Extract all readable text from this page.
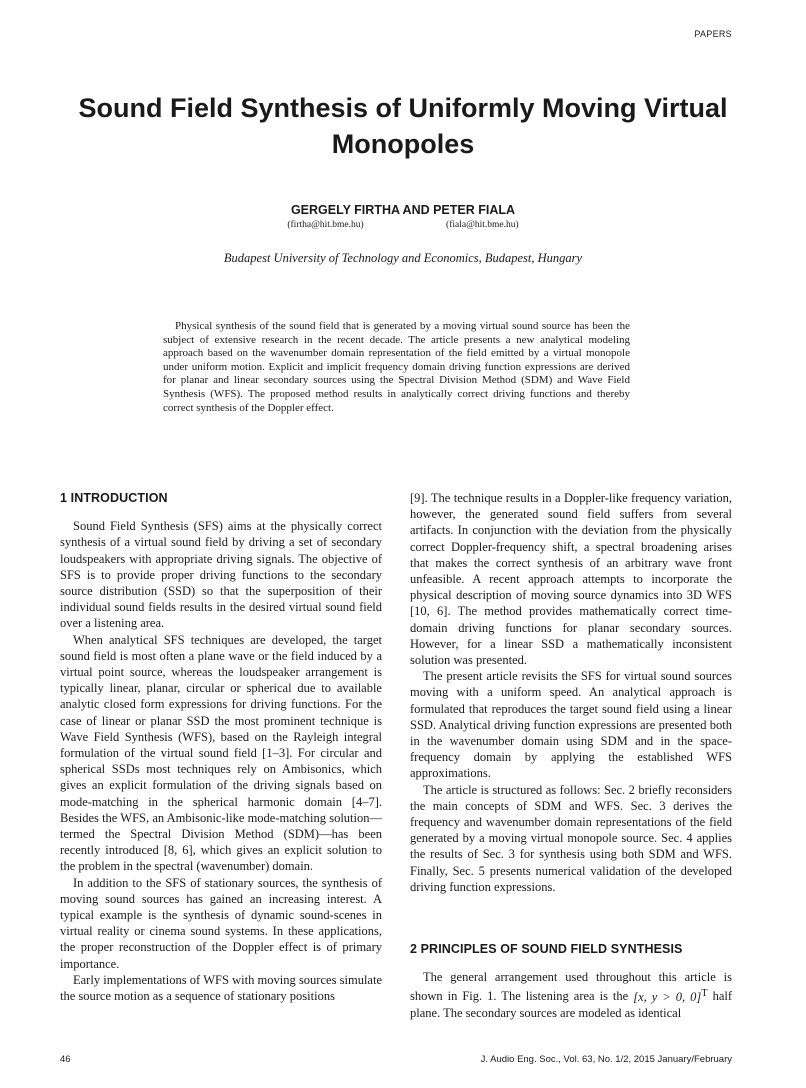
PAPERS
Sound Field Synthesis of Uniformly Moving Virtual Monopoles
GERGELY FIRTHA AND PETER FIALA
(firtha@hit.bme.hu)	(fiala@hit.bme.hu)
Budapest University of Technology and Economics, Budapest, Hungary

Physical synthesis of the sound field that is generated by a moving virtual sound source has been the subject of extensive research in the recent decade. The article presents a new analytical modeling approach based on the wavenumber domain representation of the field emitted by a virtual monopole under uniform motion. Explicit and implicit frequency domain driving function expressions are derived for planar and linear secondary sources using the Spectral Division Method (SDM) and Wave Field Synthesis (WFS). The proposed method results in analytically correct driving functions and thereby correct synthesis of the Doppler effect.

1 INTRODUCTION

Sound Field Synthesis (SFS) aims at the physically correct synthesis of a virtual sound field by driving a set of secondary loudspeakers with appropriate driving signals. The objective of SFS is to provide proper driving functions to the secondary source distribution (SSD) so that the superposition of their individual sound fields results in the desired virtual sound field over a listening area.

When analytical SFS techniques are developed, the target sound field is most often a plane wave or the field induced by a virtual point source, whereas the loudspeaker arrangement is typically linear, planar, circular or spherical due to available analytic closed form expressions for driving functions. For the case of linear or planar SSD the most prominent technique is Wave Field Synthesis (WFS), based on the Rayleigh integral formulation of the virtual sound field [1–3]. For circular and spherical SSDs most techniques rely on Ambisonics, which gives an explicit formulation of the driving signals based on mode-matching in the spherical harmonic domain [4–7]. Besides the WFS, an Ambisonic-like mode-matching solution—termed the Spectral Division Method (SDM)—has been recently introduced [8, 6], which gives an explicit solution to the problem in the spectral (wavenumber) domain.

In addition to the SFS of stationary sources, the synthesis of moving sound sources has gained an increasing interest. A typical example is the synthesis of dynamic sound-scenes in virtual reality or cinema sound systems. In these applications, the proper reconstruction of the Doppler effect is of primary importance.

Early implementations of WFS with moving sources simulate the source motion as a sequence of stationary positions

[9]. The technique results in a Doppler-like frequency variation, however, the generated sound field suffers from several artifacts. In conjunction with the deviation from the physically correct Doppler-frequency shift, a spectral broadening arises that makes the correct synthesis of an arbitrary wave front unfeasible. A recent approach attempts to incorporate the physical description of moving source dynamics into 3D WFS [10, 6]. The method provides mathematically correct time-domain driving functions for planar secondary sources. However, for a linear SSD a mathematically inconsistent solution was presented.

The present article revisits the SFS for virtual sound sources moving with a uniform speed. An analytical approach is formulated that reproduces the target sound field using a linear SSD. Analytical driving function expressions are presented both in the wavenumber domain using SDM and in the space-frequency domain by applying the established WFS approximations.

The article is structured as follows: Sec. 2 briefly reconsiders the main concepts of SDM and WFS. Sec. 3 derives the frequency and wavenumber domain representations of the field generated by a moving virtual monopole source. Sec. 4 applies the results of Sec. 3 for synthesis using both SDM and WFS. Finally, Sec. 5 presents numerical validation of the developed driving function expressions.

2 PRINCIPLES OF SOUND FIELD SYNTHESIS

The general arrangement used throughout this article is shown in Fig. 1. The listening area is the [x, y > 0, 0]$^T$ half plane. The secondary sources are modeled as identical

46	J. Audio Eng. Soc., Vol. 63, No. 1/2, 2015 January/February
